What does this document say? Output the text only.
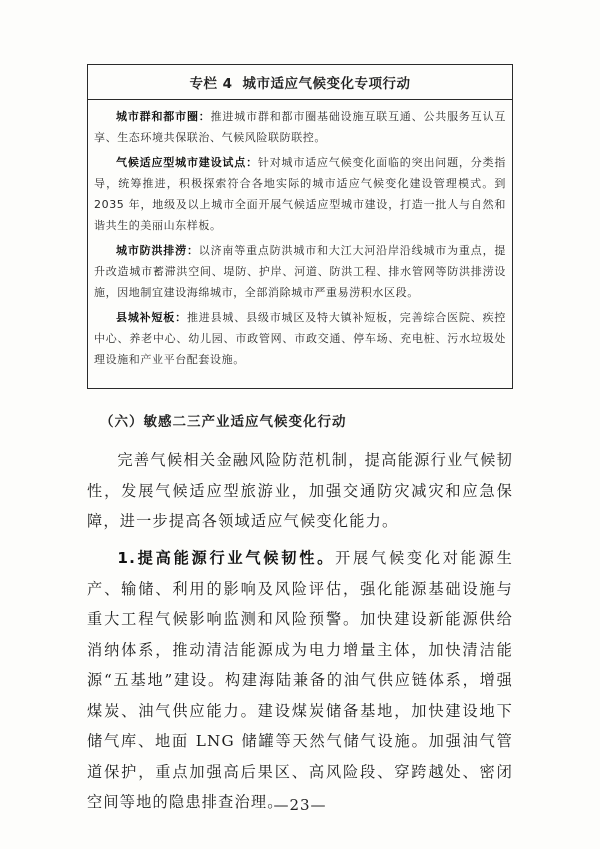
专栏 4 城市适应气候变化专项行动

城市群和都市圈：推进城市群和都市圈基础设施互联互通、公共服务互认互享、生态环境共保联治、气候风险联防联控。

气候适应型城市建设试点：针对城市适应气候变化面临的突出问题，分类指导，统筹推进，积极探索符合各地实际的城市适应气候变化建设管理模式。到 2035 年，地级及以上城市全面开展气候适应型城市建设，打造一批人与自然和谐共生的美丽山东样板。

城市防洪排涝：以济南等重点防洪城市和大江大河沿岸沿线城市为重点，提升改造城市蓄滞洪空间、堤防、护岸、河道、防洪工程、排水管网等防洪排涝设施，因地制宜建设海绵城市，全部消除城市严重易涝积水区段。

县城补短板：推进县城、县级市城区及特大镇补短板，完善综合医院、疾控中心、养老中心、幼儿园、市政管网、市政交通、停车场、充电桩、污水垃圾处理设施和产业平台配套设施。

（六）敏感二三产业适应气候变化行动

完善气候相关金融风险防范机制，提高能源行业气候韧性，发展气候适应型旅游业，加强交通防灾减灾和应急保障，进一步提高各领域适应气候变化能力。

1.提高能源行业气候韧性。开展气候变化对能源生产、输储、利用的影响及风险评估，强化能源基础设施与重大工程气候影响监测和风险预警。加快建设新能源供给消纳体系，推动清洁能源成为电力增量主体，加快清洁能源“五基地”建设。构建海陆兼备的油气供应链体系，增强煤炭、油气供应能力。建设煤炭储备基地，加快建设地下储气库、地面 LNG 储罐等天然气储气设施。加强油气管道保护，重点加强高后果区、高风险段、穿跨越处、密闭空间等地的隐患排查治理。

—23—
